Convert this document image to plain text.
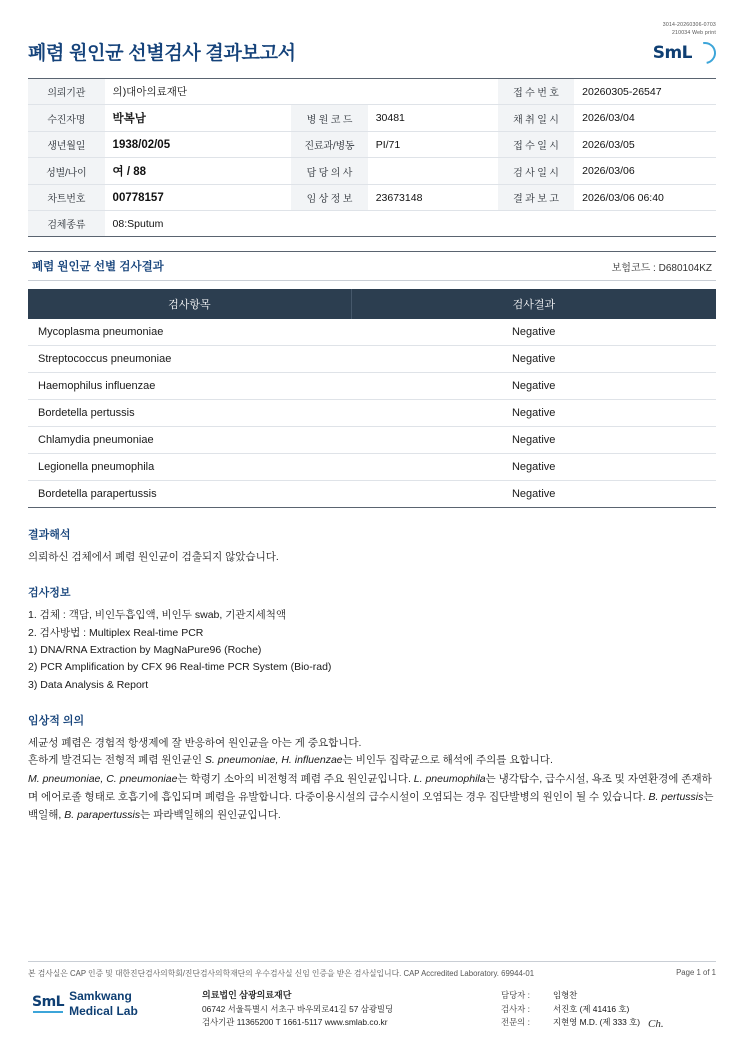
폐렴 원인균 선별검사 결과보고서
3014-20260306-0703
210034 Web print
SmL
의뢰기관	의)대아의료재단			접 수 번 호	20260305-26547
수진자명	박복남	병 원 코 드	30481	채 취 일 시	2026/03/04
생년월일	1938/02/05	진료과/병동	PI/71	접 수 일 시	2026/03/05
성별/나이	여 / 88	담 당 의 사		검 사 일 시	2026/03/06
차트번호	00778157	임 상 정 보	23673148	결 과 보 고	2026/03/06 06:40
검체종류	08:Sputum				
폐렴 원인균 선별 검사결과	보험코드 : D680104KZ
검사항목	검사결과
Mycoplasma pneumoniae	Negative
Streptococcus pneumoniae	Negative
Haemophilus influenzae	Negative
Bordetella pertussis	Negative
Chlamydia pneumoniae	Negative
Legionella pneumophila	Negative
Bordetella parapertussis	Negative
결과해석
의뢰하신 검체에서 폐렴 원인균이 검출되지 않았습니다.
검사정보
1. 검체 : 객담, 비인두흡입액, 비인두 swab, 기관지세척액
2. 검사방법 : Multiplex Real-time PCR
1) DNA/RNA Extraction by MagNaPure96 (Roche)
2) PCR Amplification by CFX 96 Real-time PCR System (Bio-rad)
3) Data Analysis & Report
임상적 의의
세균성 폐렴은 경험적 항생제에 잘 반응하여 원인균을 아는 게 중요합니다.
흔하게 발견되는 전형적 폐렴 원인균인 S. pneumoniae, H. influenzae는 비인두 집락균으로 해석에 주의를 요합니다.
M. pneumoniae, C. pneumoniae는 학령기 소아의 비전형적 폐렴 주요 원인균입니다. L. pneumophila는 냉각탑수, 급수시설, 욕조 및 자연환경에 존재하며 에어로졸 형태로 호흡기에 흡입되며 폐렴을 유발합니다. 다중이용시설의 급수시설이 오염되는 경우 집단발병의 원인이 될 수 있습니다. B. pertussis는 백일해, B. parapertussis는 파라백일해의 원인균입니다.
본 검사실은 CAP 인증 및 대한진단검사의학회/진단검사의학재단의 우수검사실 신임 인증을 받은 검사실입니다. CAP Accredited Laboratory. 69944-01	Page 1 of 1
SmL Samkwang
Medical Lab
의료법인 삼광의료재단
06742 서울특별시 서초구 바우뫼로41길 57 삼광빌딩
검사기관 11365200 T 1661-5117 www.smlab.co.kr
담당자 :	임형찬
검사자 :	서진호 (제 41416 호)
전문의 :	지현영 M.D. (제 333 호) Ch.
